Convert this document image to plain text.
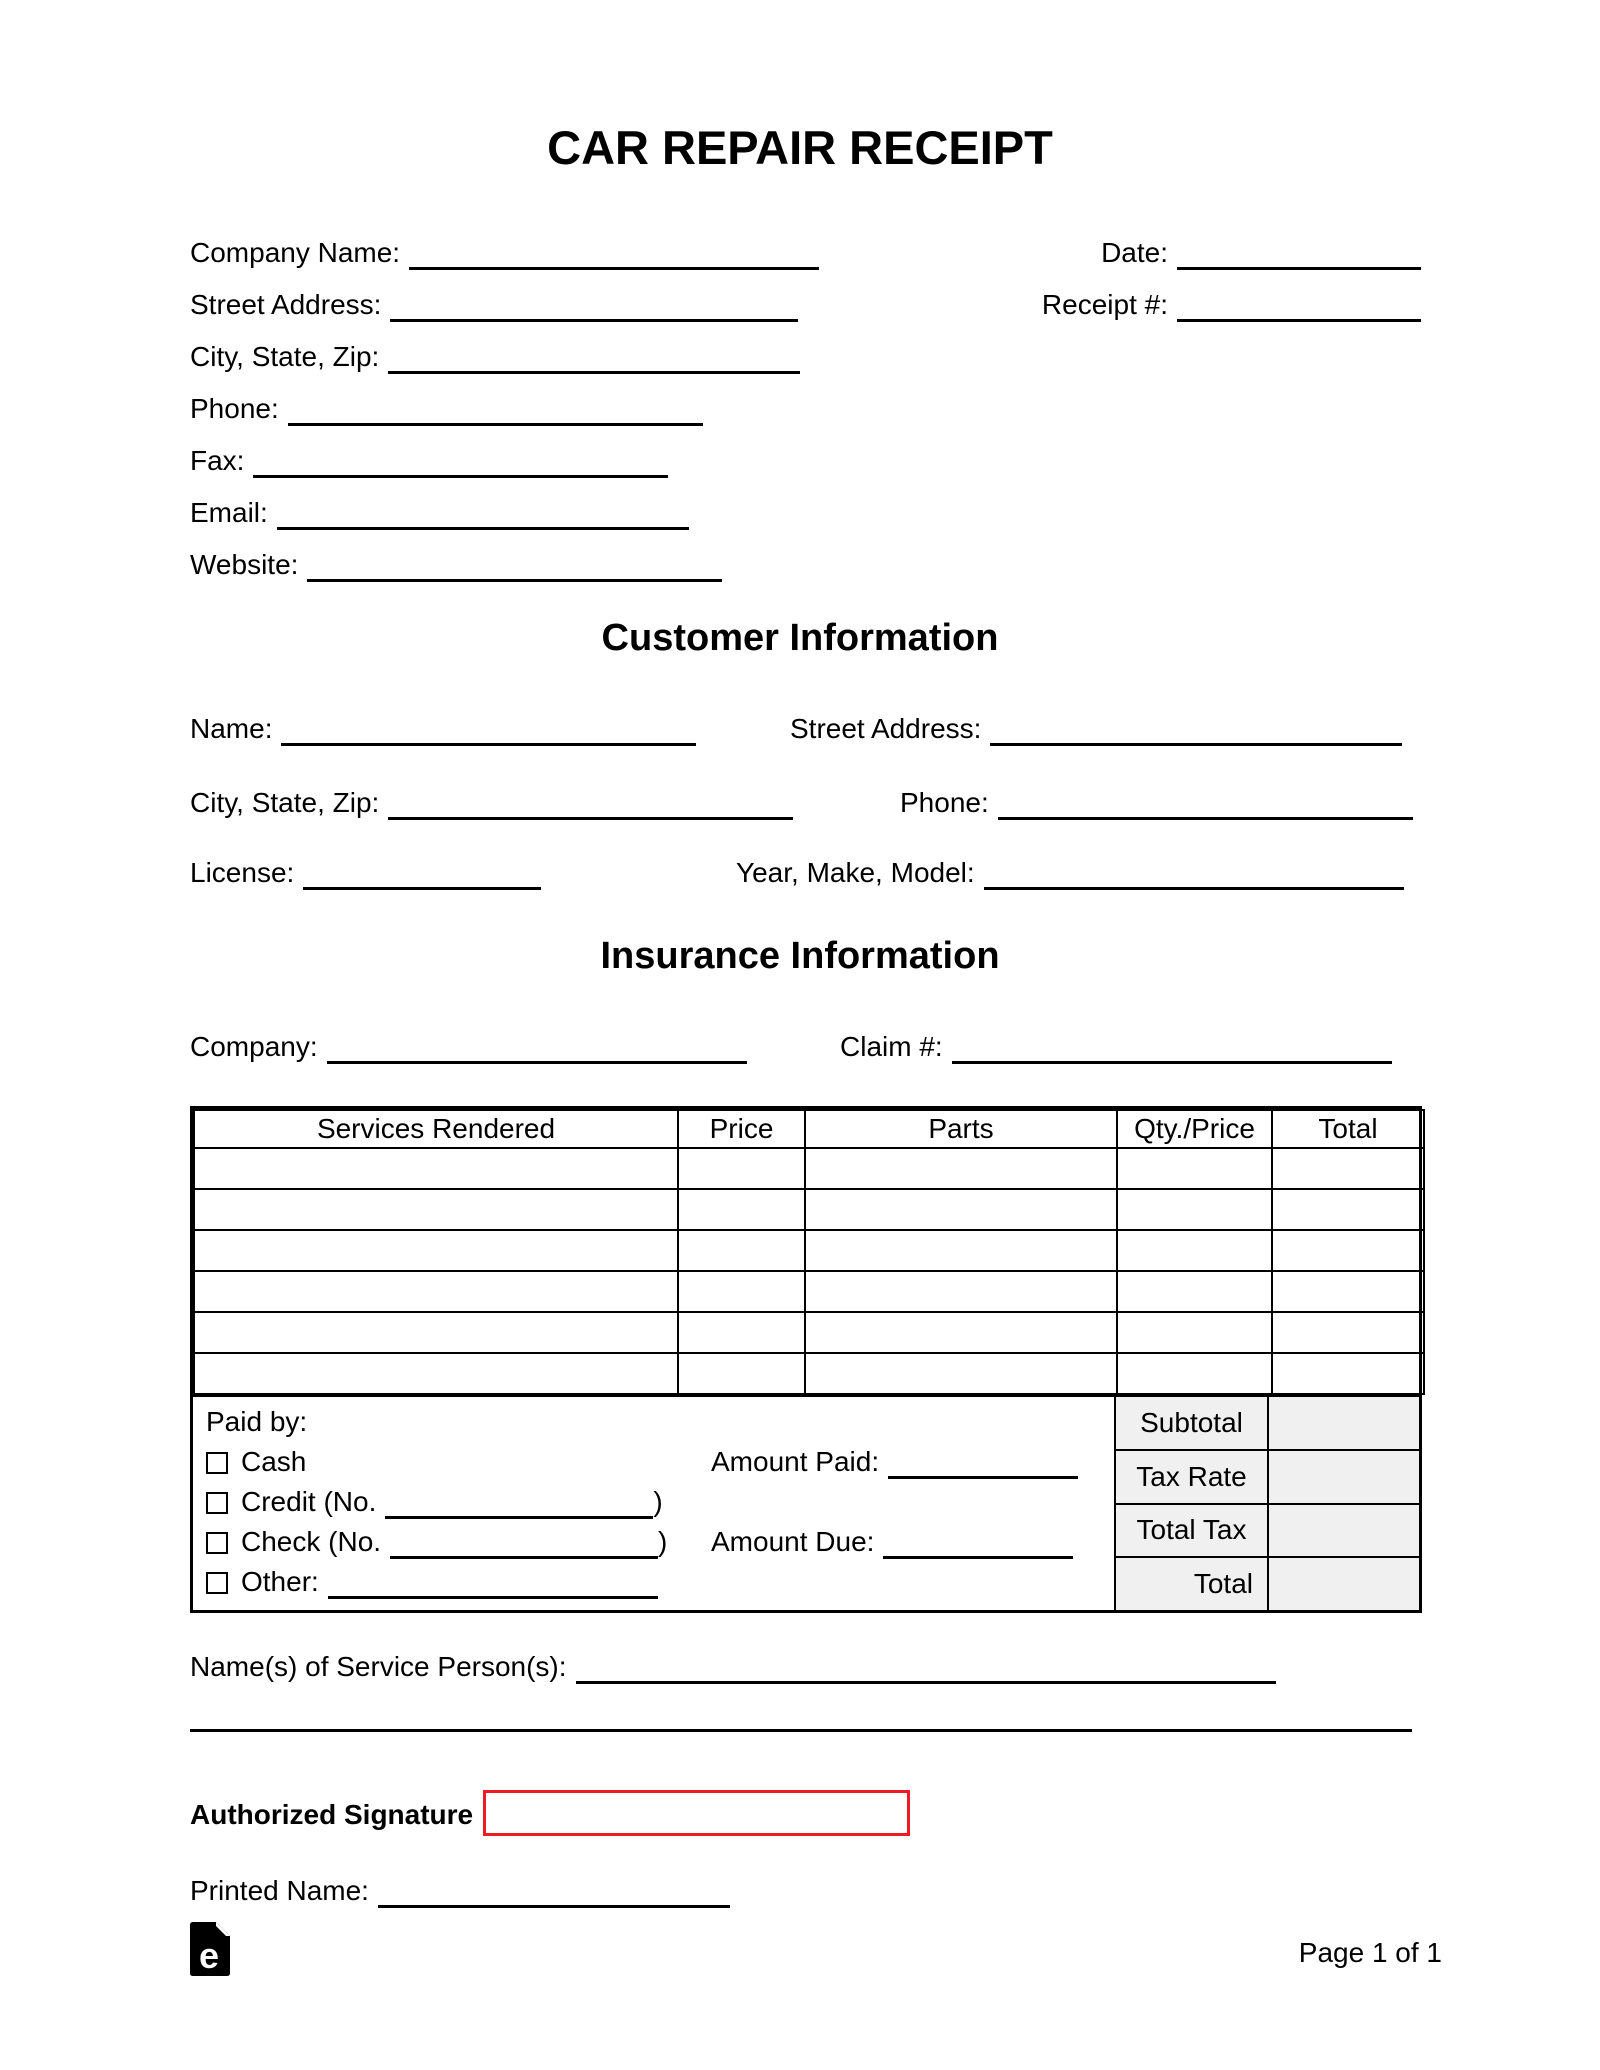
CAR REPAIR RECEIPT
Company Name:
Street Address:
City, State, Zip:
Phone:
Fax:
Email:
Website:
Date:
Receipt #:
Customer Information
Name:	Street Address:
City, State, Zip:	Phone:
License:	Year, Make, Model:
Insurance Information
Company:	Claim #:
Services Rendered	Price	Parts	Qty./Price	Total

Paid by:
Cash
Credit (No.	)
Check (No.	)
Other:
Amount Paid:
Amount Due:
Subtotal
Tax Rate
Total Tax
Total
Name(s) of Service Person(s):
Authorized Signature
Printed Name:
e	Page 1 of 1
